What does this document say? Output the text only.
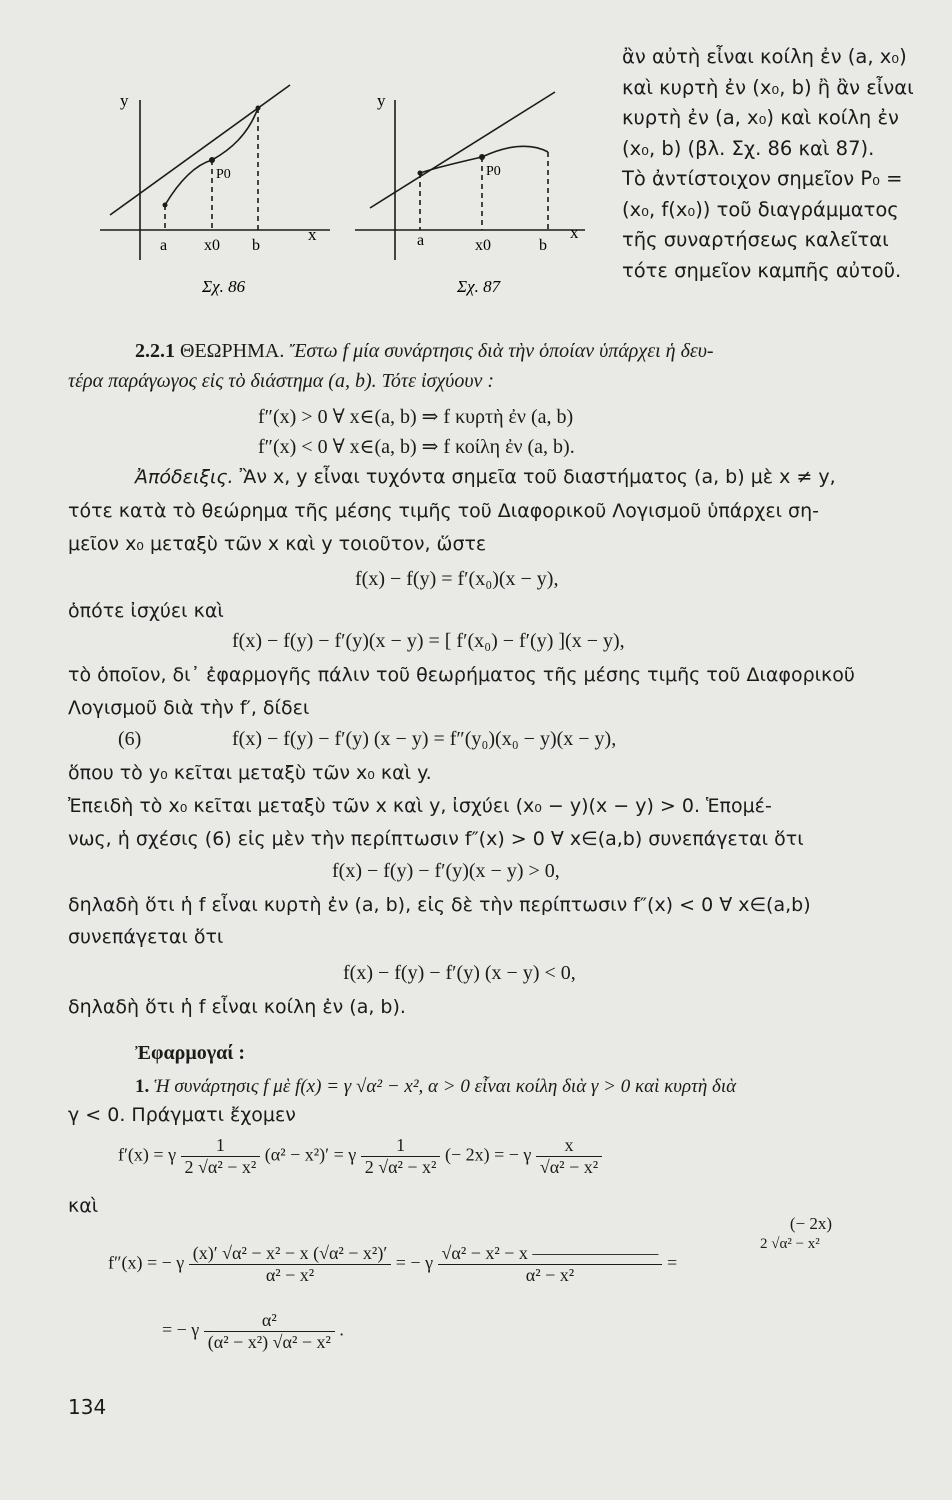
y
x
a x0 b
P0
Σχ. 86
y
x
a	x0	b
P0
Σχ. 87
ἂν αὐτὴ εἶναι κοίλη ἐν (a, x₀)
καὶ κυρτὴ ἐν (x₀, b) ἢ ἂν εἶναι
κυρτὴ ἐν (a, x₀) καὶ κοίλη ἐν
(x₀, b) (βλ. Σχ. 86 καὶ 87).
Τὸ ἀντίστοιχον σημεῖον P₀ =
(x₀, f(x₀)) τοῦ διαγράμματος
τῆς συναρτήσεως καλεῖται
τότε σημεῖον καμπῆς αὐτοῦ.
2.2.1 ΘΕΩΡΗΜΑ. Ἔστω f μία συνάρτησις διὰ τὴν ὁποίαν ὑπάρχει ἡ δευ-
τέρα παράγωγος εἰς τὸ διάστημα (a, b). Τότε ἰσχύουν :
f″(x) > 0 ∀ x∈(a, b) ⇒ f κυρτὴ ἐν (a, b)
f″(x) < 0 ∀ x∈(a, b) ⇒ f κοίλη ἐν (a, b).
Ἀπόδειξις. Ἂν x, y εἶναι τυχόντα σημεῖα τοῦ διαστήματος (a, b) μὲ x ≠ y,
τότε κατὰ τὸ θεώρημα τῆς μέσης τιμῆς τοῦ Διαφορικοῦ Λογισμοῦ ὑπάρχει ση-
μεῖον x₀ μεταξὺ τῶν x καὶ y τοιοῦτον, ὥστε
f(x) − f(y) = f′(x₀)(x − y),
ὁπότε ἰσχύει καὶ
f(x) − f(y) − f′(y)(x − y) = [ f′(x₀) − f′(y) ](x − y),
τὸ ὁποῖον, δι᾽ ἐφαρμογῆς πάλιν τοῦ θεωρήματος τῆς μέσης τιμῆς τοῦ Διαφορικοῦ
Λογισμοῦ διὰ τὴν f′, δίδει
(6)	f(x) − f(y) − f′(y) (x − y) = f″(y₀)(x₀ − y)(x − y),
ὅπου τὸ y₀ κεῖται μεταξὺ τῶν x₀ καὶ y.
Ἐπειδὴ τὸ x₀ κεῖται μεταξὺ τῶν x καὶ y, ἰσχύει (x₀ − y)(x − y) > 0. Ἑπομέ-
νως, ἡ σχέσις (6) εἰς μὲν τὴν περίπτωσιν f″(x) > 0 ∀ x∈(a,b) συνεπάγεται ὅτι
f(x) − f(y) − f′(y)(x − y) > 0,
δηλαδὴ ὅτι ἡ f εἶναι κυρτὴ ἐν (a, b), εἰς δὲ τὴν περίπτωσιν f″(x) < 0 ∀ x∈(a,b)
συνεπάγεται ὅτι
f(x) − f(y) − f′(y) (x − y) < 0,
δηλαδὴ ὅτι ἡ f εἶναι κοίλη ἐν (a, b).
Ἐφαρμογαί :
1. Ἡ συνάρτησις f μὲ f(x) = γ √α² − x², α > 0 εἶναι κοίλη διὰ γ > 0 καὶ κυρτὴ διὰ
γ < 0. Πράγματι ἔχομεν
f′(x) = γ $\frac{1}{\text{2 √α² − x²}} (\alpha^2 - x^2)' = \gamma \frac{1}{\text{2 √α² − x²}}$ (− 2x) = − γ $\frac{x}{\text{√α² − x²}}$
καὶ
(− 2x)
f″(x) = − γ $\frac{\text{(x)′ √α² − x² − x (√α² − x²)′}}{\text{α² − x²}}$ = − γ $\frac{\text{√α² − x² − x ———————}}{\text{α² − x²}}$ =
2 √α² − x²
= − γ $\frac{\text{α²}}{\text{(α² − x²) √α² − x²}}$ .
134
